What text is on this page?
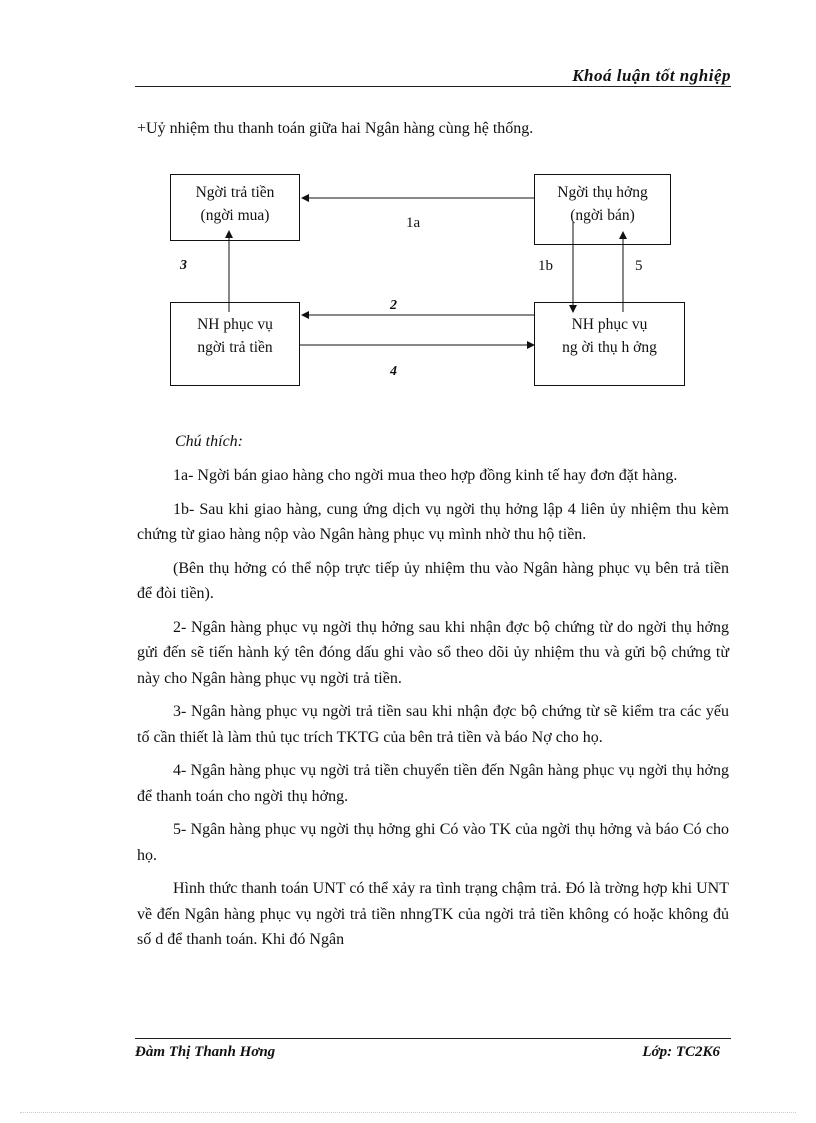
Khoá luận tốt nghiệp
+Uỷ nhiệm thu thanh toán giữa hai Ngân hàng cùng hệ thống.
Ngời trả tiền
(ngời mua)
Ngời thụ hởng
(ngời bán)
NH phục vụ
ngời trả tiền
NH phục vụ
ng ời thụ h ởng
1a
3	1b	5
2
4
Chú thích:

1a- Ngời bán giao hàng cho ngời mua theo hợp đồng kinh tế hay đơn đặt hàng.

1b- Sau khi giao hàng, cung ứng dịch vụ ngời thụ hởng lập 4 liên ủy nhiệm thu kèm chứng từ giao hàng nộp vào Ngân hàng phục vụ mình nhờ thu hộ tiền.

(Bên thụ hởng có thể nộp trực tiếp ủy nhiệm thu vào Ngân hàng phục vụ bên trả tiền để đòi tiền).

2- Ngân hàng phục vụ ngời thụ hởng sau khi nhận đợc bộ chứng từ do ngời thụ hởng gửi đến sẽ tiến hành ký tên đóng dấu ghi vào sổ theo dõi ủy nhiệm thu và gửi bộ chứng từ này cho Ngân hàng phục vụ ngời trả tiền.

3- Ngân hàng phục vụ ngời trả tiền sau khi nhận đợc bộ chứng từ sẽ kiểm tra các yếu tố cần thiết là làm thủ tục trích TKTG của bên trả tiền và báo Nợ cho họ.

4- Ngân hàng phục vụ ngời trả tiền chuyển tiền đến Ngân hàng phục vụ ngời thụ hởng để thanh toán cho ngời thụ hởng.

5- Ngân hàng phục vụ ngời thụ hởng ghi Có vào TK của ngời thụ hởng và báo Có cho họ.

Hình thức thanh toán UNT có thể xảy ra tình trạng chậm trả. Đó là trờng hợp khi UNT về đến Ngân hàng phục vụ ngời trả tiền nhngTK của ngời trả tiền không có hoặc không đủ số d để thanh toán. Khi đó Ngân

Đàm Thị Thanh Hơng	Lớp: TC2K6
